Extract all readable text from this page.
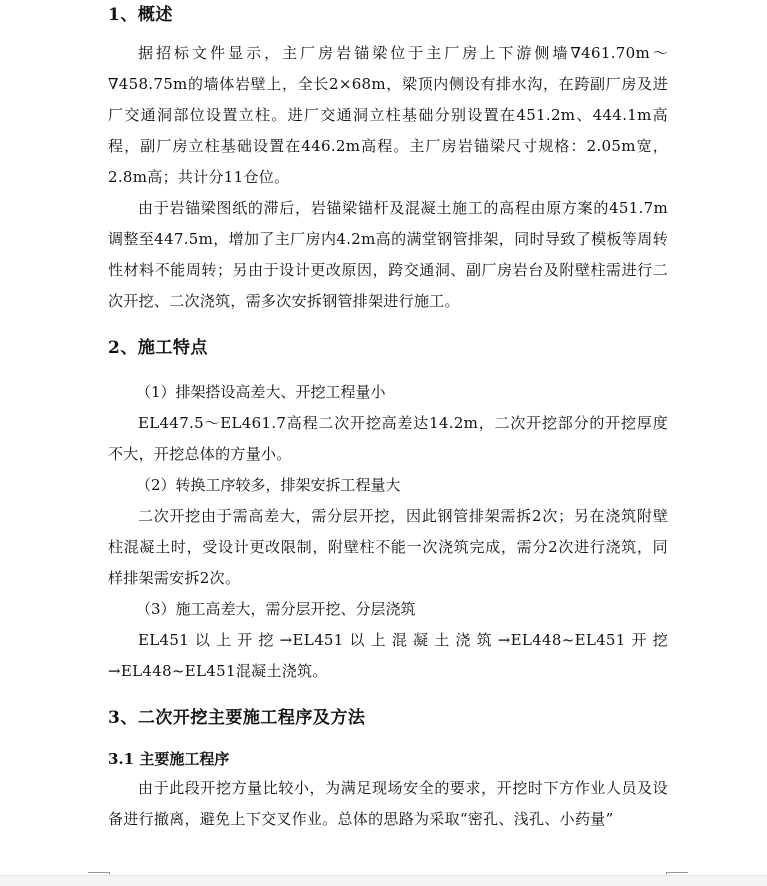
1、概述

据招标文件显示，主厂房岩锚梁位于主厂房上下游侧墙∇461.70m～∇458.75m的墙体岩壁上，全长2×68m，梁顶内侧设有排水沟，在跨副厂房及进厂交通洞部位设置立柱。进厂交通洞立柱基础分别设置在451.2m、444.1m高程，副厂房立柱基础设置在446.2m高程。主厂房岩锚梁尺寸规格：2.05m宽，2.8m高；共计分11仓位。

由于岩锚梁图纸的滞后，岩锚梁锚杆及混凝土施工的高程由原方案的451.7m调整至447.5m，增加了主厂房内4.2m高的满堂钢管排架，同时导致了模板等周转性材料不能周转；另由于设计更改原因，跨交通洞、副厂房岩台及附壁柱需进行二次开挖、二次浇筑，需多次安拆钢管排架进行施工。

2、施工特点

（1）排架搭设高差大、开挖工程量小

EL447.5～EL461.7高程二次开挖高差达14.2m，二次开挖部分的开挖厚度不大，开挖总体的方量小。

（2）转换工序较多，排架安拆工程量大

二次开挖由于需高差大，需分层开挖，因此钢管排架需拆2次；另在浇筑附壁柱混凝土时，受设计更改限制，附壁柱不能一次浇筑完成，需分2次进行浇筑，同样排架需安拆2次。

（3）施工高差大，需分层开挖、分层浇筑

EL451以上开挖→EL451以上混凝土浇筑→EL448~EL451开挖→EL448~EL451混凝土浇筑。

3、二次开挖主要施工程序及方法
3.1 主要施工程序

由于此段开挖方量比较小，为满足现场安全的要求，开挖时下方作业人员及设备进行撤离，避免上下交叉作业。总体的思路为采取“密孔、浅孔、小药量”
